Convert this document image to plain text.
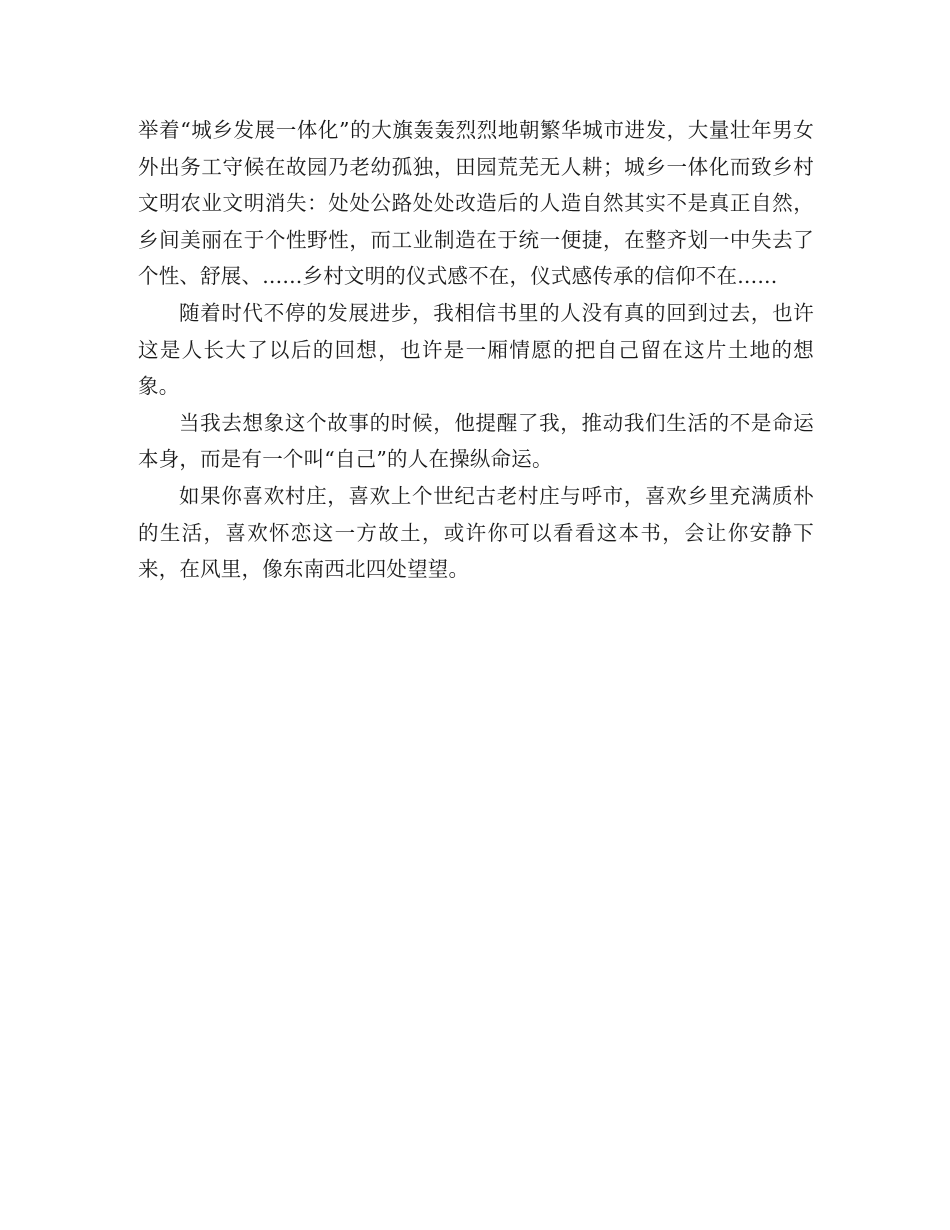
举着“城乡发展一体化”的大旗轰轰烈烈地朝繁华城市进发，大量壮年男女外出务工守候在故园乃老幼孤独，田园荒芜无人耕；城乡一体化而致乡村文明农业文明消失：处处公路处处改造后的人造自然其实不是真正自然，乡间美丽在于个性野性，而工业制造在于统一便捷，在整齐划一中失去了个性、舒展、......乡村文明的仪式感不在，仪式感传承的信仰不在......

随着时代不停的发展进步，我相信书里的人没有真的回到过去，也许这是人长大了以后的回想，也许是一厢情愿的把自己留在这片土地的想象。

当我去想象这个故事的时候，他提醒了我，推动我们生活的不是命运本身，而是有一个叫“自己”的人在操纵命运。

如果你喜欢村庄，喜欢上个世纪古老村庄与呼市，喜欢乡里充满质朴的生活，喜欢怀恋这一方故土，或许你可以看看这本书，会让你安静下来，在风里，像东南西北四处望望。
